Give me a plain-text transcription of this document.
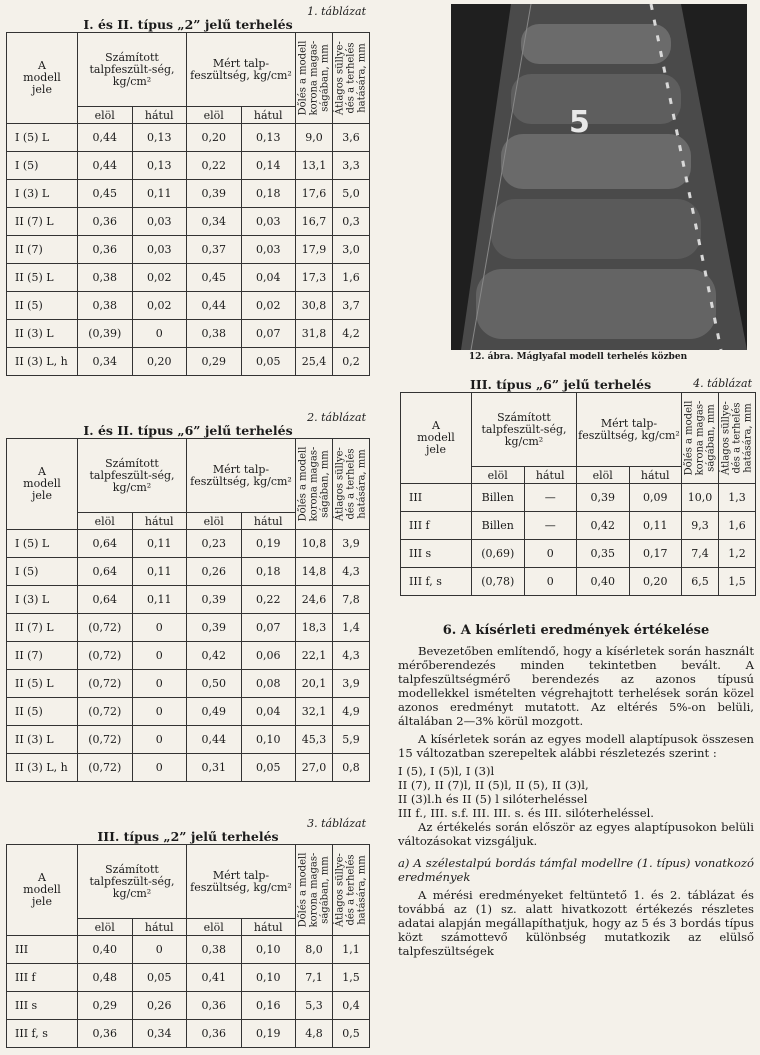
1. táblázat

I. és II. típus „2” jelű terhelés

A
modell
jele	Számított talpfeszült-ség, kg/cm²		Mért talp-feszültség, kg/cm²		Dőlés a modell
korona magas-
ságában, mm	Átlagos süllye-
dés a terhelés
hatására, mm

	elöl	hátul	elöl	hátul		
I (5) L	0,44	0,13	0,20	0,13	9,0	3,6
I (5)	0,44	0,13	0,22	0,14	13,1	3,3
I (3) L	0,45	0,11	0,39	0,18	17,6	5,0
II (7) L	0,36	0,03	0,34	0,03	16,7	0,3
II (7)	0,36	0,03	0,37	0,03	17,9	3,0
II (5) L	0,38	0,02	0,45	0,04	17,3	1,6
II (5)	0,38	0,02	0,44	0,02	30,8	3,7
II (3) L	(0,39)	0	0,38	0,07	31,8	4,2
II (3) L, h	0,34	0,20	0,29	0,05	25,4	0,2

2. táblázat

I. és II. típus „6” jelű terhelés

A
modell
jele	Számított talpfeszült-ség, kg/cm²		Mért talp-feszültség, kg/cm²		Dőlés a modell
korona magas-
ságában, mm	Átlagos süllye-
dés a terhelés
hatására, mm

	elöl	hátul	elöl	hátul		
I (5) L	0,64	0,11	0,23	0,19	10,8	3,9
I (5)	0,64	0,11	0,26	0,18	14,8	4,3
I (3) L	0,64	0,11	0,39	0,22	24,6	7,8
II (7) L	(0,72)	0	0,39	0,07	18,3	1,4
II (7)	(0,72)	0	0,42	0,06	22,1	4,3
II (5) L	(0,72)	0	0,50	0,08	20,1	3,9
II (5)	(0,72)	0	0,49	0,04	32,1	4,9
II (3) L	(0,72)	0	0,44	0,10	45,3	5,9
II (3) L, h	(0,72)	0	0,31	0,05	27,0	0,8

3. táblázat

III. típus „2” jelű terhelés

A
modell
jele	Számított talpfeszült-ség, kg/cm²		Mért talp-feszültség, kg/cm²		Dőlés a modell
korona magas-
ságában, mm	Átlagos süllye-
dés a terhelés
hatására, mm

	elöl	hátul	elöl	hátul		
III	0,40	0	0,38	0,10	8,0	1,1
III f	0,48	0,05	0,41	0,10	7,1	1,5
III s	0,29	0,26	0,36	0,16	5,3	0,4
III f, s	0,36	0,34	0,36	0,19	4,8	0,5
5
12. ábra. Máglyafal modell terhelés közben

III. típus „6” jelű terhelés	4. táblázat

A
modell
jele	Számított talpfeszült-ség, kg/cm²		Mért talp-feszültség, kg/cm²		Dőlés a modell
korona magas-
ságában, mm	Átlagos süllye-
dés a terhelés
hatására, mm

	elöl	hátul	elöl	hátul		
III	Billen	—	0,39	0,09	10,0	1,3
III f	Billen	—	0,42	0,11	9,3	1,6
III s	(0,69)	0	0,35	0,17	7,4	1,2
III f, s	(0,78)	0	0,40	0,20	6,5	1,5
6. A kísérleti eredmények értékelése

Bevezetőben említendő, hogy a kísérletek során használt mérőberendezés minden tekintetben bevált. A talpfeszültségmérő berendezés az azonos típusú modellekkel ismételten végrehajtott terhelések során közel azonos eredményt mutatott. Az eltérés 5%-on belüli, általában 2—3% körül mozgott.

A kísérletek során az egyes modell alaptípusok összesen 15 változatban szerepeltek alábbi részletezés szerint :

I (5), I (5)l, I (3)l

II (7), II (7)l, II (5)l, II (5), II (3)l,

II (3)l.h és II (5) l silóterheléssel

III f., III. s.f. III. III. s. és III. silóterheléssel.

Az értékelés során először az egyes alaptípusokon belüli változásokat vizsgáljuk.

a) A szélestalpú bordás támfal modellre (1. típus) vonatkozó eredmények

A mérési eredményeket feltüntető 1. és 2. táblázat és továbbá az (1) sz. alatt hivatkozott értékezés részletes adatai alapján megállapíthatjuk, hogy az 5 és 3 bordás típus közt számottevő különbség mutatkozik az elülső talpfeszültségek
